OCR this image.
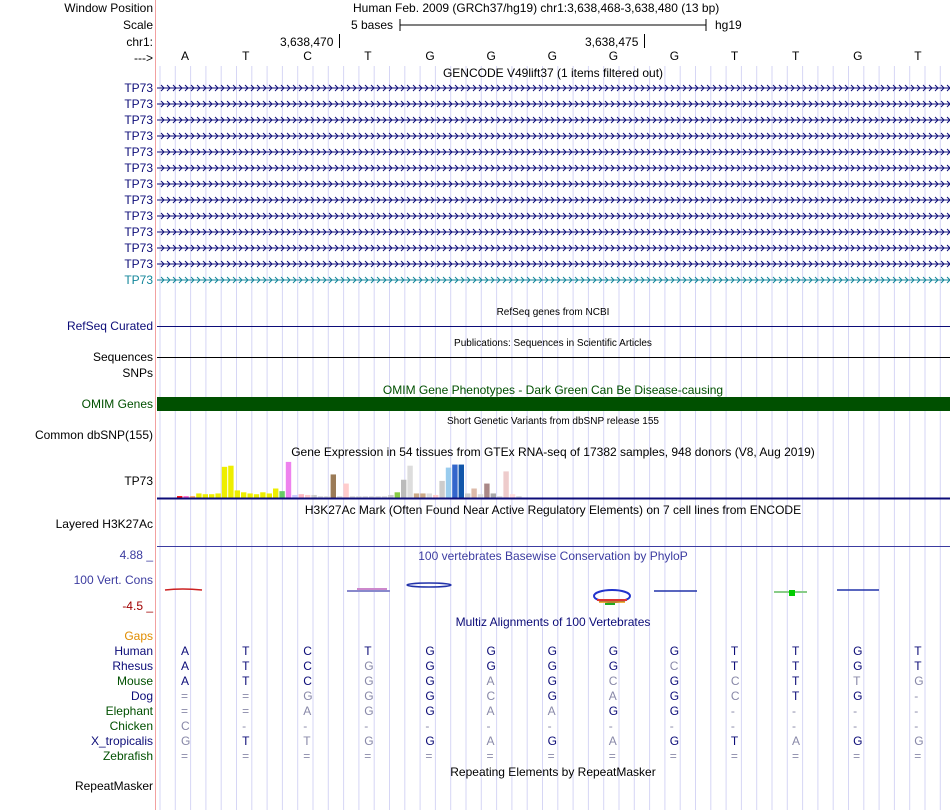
Window Position	Human Feb. 2009 (GRCh37/hg19) chr1:3,638,468-3,638,480 (13 bp)
Scale	5 bases	hg19
chr1:	3,638,470	3,638,475
---> A	T	C	T	G	G	G	G	G	T	T	G	T
GENCODE V49lift37 (1 items filtered out)
TP73
TP73
TP73
TP73
TP73
TP73
TP73
TP73
TP73
TP73
TP73
TP73
TP73
RefSeq genes from NCBI
RefSeq Curated
Publications: Sequences in Scientific Articles
Sequences
SNPs
OMIM Gene Phenotypes - Dark Green Can Be Disease-causing
OMIM Genes
Short Genetic Variants from dbSNP release 155
Common dbSNP(155)
Gene Expression in 54 tissues from GTEx RNA-seq of 17382 samples, 948 donors (V8, Aug 2019)
TP73
H3K27Ac Mark (Often Found Near Active Regulatory Elements) on 7 cell lines from ENCODE
Layered H3K27Ac
4.88 _	100 vertebrates Basewise Conservation by PhyloP
100 Vert. Cons
-4.5 _
Multiz Alignments of 100 Vertebrates
Gaps
Human A	T	C	T	G	G	G	G	G	T	T	G	T
Rhesus A	T	C	G	G	G	G	G	C	T	T	G	T
Mouse A	T	C	G	G	A	G	C	G	C	T	T	G
Dog =	=	G	G	G	C	G	A	G	C	T	G	-
Elephant =	=	A	G	G	A	A	G	G	-	-	-	-
Chicken C	-	-	-	-	-	-	-	-	-	-	-	-
X_tropicalis G	T	T	G	G	A	G	A	G	T	A	G	G
Zebrafish =	=	=	=	=	=	=	=	=	=	=	=	=
Repeating Elements by RepeatMasker
RepeatMasker
